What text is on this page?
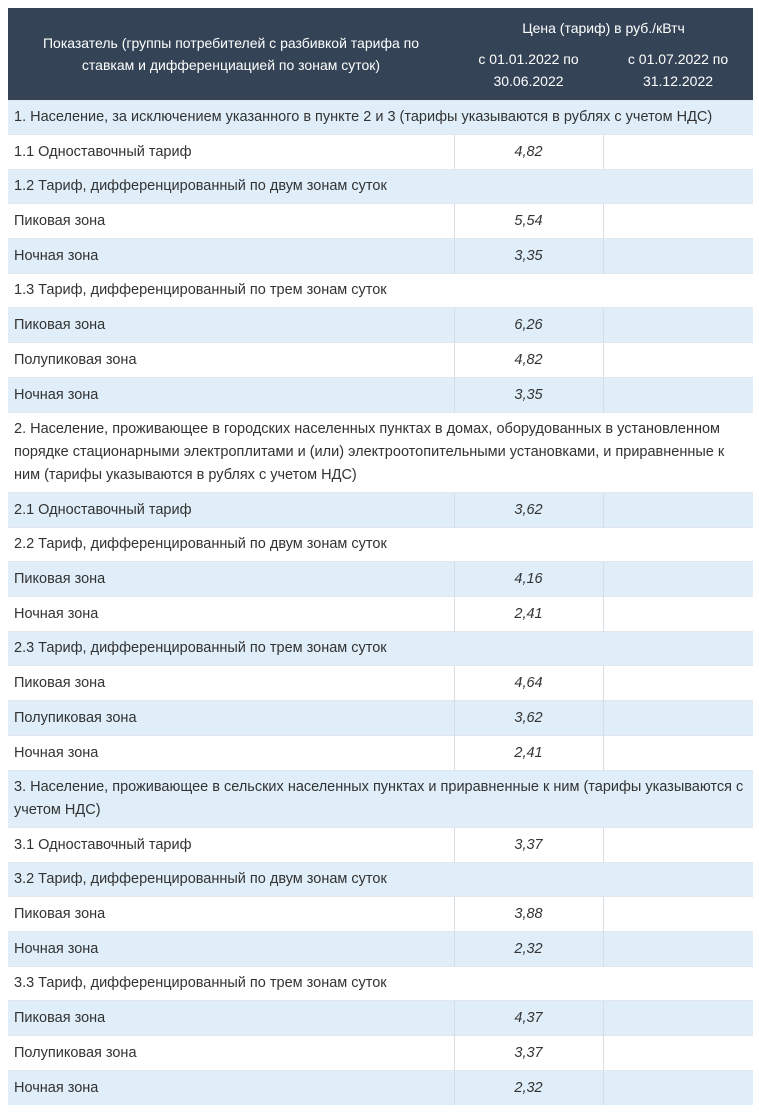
Показатель (группы потребителей с разбивкой тарифа по ставкам и дифференциацией по зонам суток)	Цена (тариф) в руб./кВтч	
	с 01.01.2022 по 30.06.2022	с 01.07.2022 по 31.12.2022
1. Население, за исключением указанного в пункте 2 и 3 (тарифы указываются в рублях с учетом НДС)		
1.1 Одноставочный тариф	4,82	
1.2 Тариф, дифференцированный по двум зонам суток		
Пиковая зона	5,54	
Ночная зона	3,35	
1.3 Тариф, дифференцированный по трем зонам суток		
Пиковая зона	6,26	
Полупиковая зона	4,82	
Ночная зона	3,35	
2. Население, проживающее в городских населенных пунктах в домах, оборудованных в установленном порядке стационарными электроплитами и (или) электроотопительными установками, и приравненные к ним (тарифы указываются в рублях с учетом НДС)		
2.1 Одноставочный тариф	3,62	
2.2 Тариф, дифференцированный по двум зонам суток		
Пиковая зона	4,16	
Ночная зона	2,41	
2.3 Тариф, дифференцированный по трем зонам суток		
Пиковая зона	4,64	
Полупиковая зона	3,62	
Ночная зона	2,41	
3. Население, проживающее в сельских населенных пунктах и приравненные к ним (тарифы указываются с учетом НДС)		
3.1 Одноставочный тариф	3,37	
3.2 Тариф, дифференцированный по двум зонам суток		
Пиковая зона	3,88	
Ночная зона	2,32	
3.3 Тариф, дифференцированный по трем зонам суток		
Пиковая зона	4,37	
Полупиковая зона	3,37	
Ночная зона	2,32	
